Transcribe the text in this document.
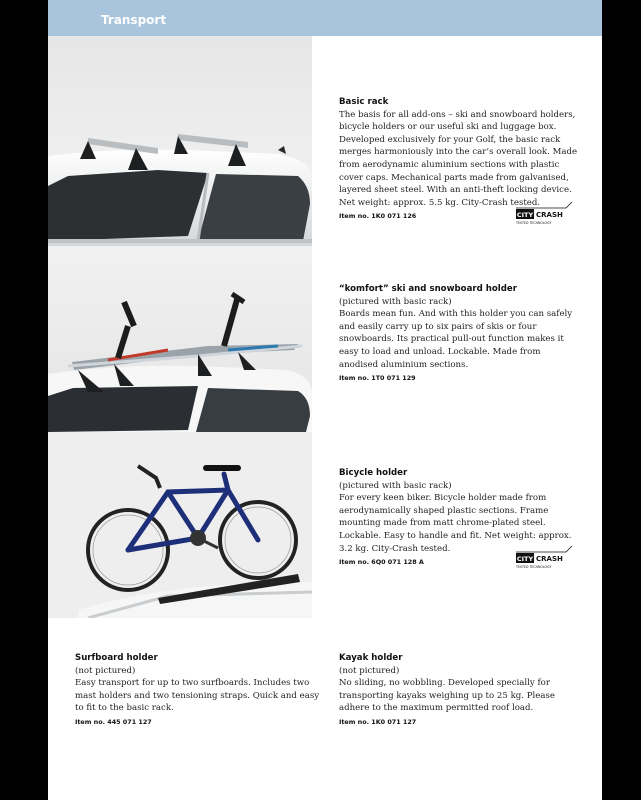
Transport
Basic rack
The basis for all add-ons – ski and snowboard holders, bicycle holders or our useful ski and luggage box. Developed exclusively for your Golf, the basic rack merges harmoniously into the car’s overall look. Made from aerodynamic aluminium sections with plastic cover caps. Mechanical parts made from galvanised, layered sheet steel. With an anti-theft locking device. Net weight: approx. 5.5 kg. City-Crash tested.
Item no. 1K0 071 126	CITY CRASH
TESTED TECHNOLOGY
“komfort” ski and snowboard holder
(pictured with basic rack)
Boards mean fun. And with this holder you can safely and easily carry up to six pairs of skis or four snowboards. Its practical pull-out function makes it easy to load and unload. Lockable. Made from anodised aluminium sections.
Item no. 1T0 071 129
Bicycle holder
(pictured with basic rack)
For every keen biker. Bicycle holder made from aerodynamically shaped plastic sections. Frame mounting made from matt chrome-plated steel. Lockable. Easy to handle and fit. Net weight: approx. 3.2 kg. City-Crash tested.
Item no. 6Q0 071 128 A	CITY CRASH
TESTED TECHNOLOGY
Surfboard holder
(not pictured)
Easy transport for up to two surfboards. Includes two mast holders and two tensioning straps. Quick and easy to fit to the basic rack.
Item no. 445 071 127
Kayak holder
(not pictured)
No sliding, no wobbling. Developed specially for transporting kayaks weighing up to 25 kg. Please adhere to the maximum permitted roof load.
Item no. 1K0 071 127
